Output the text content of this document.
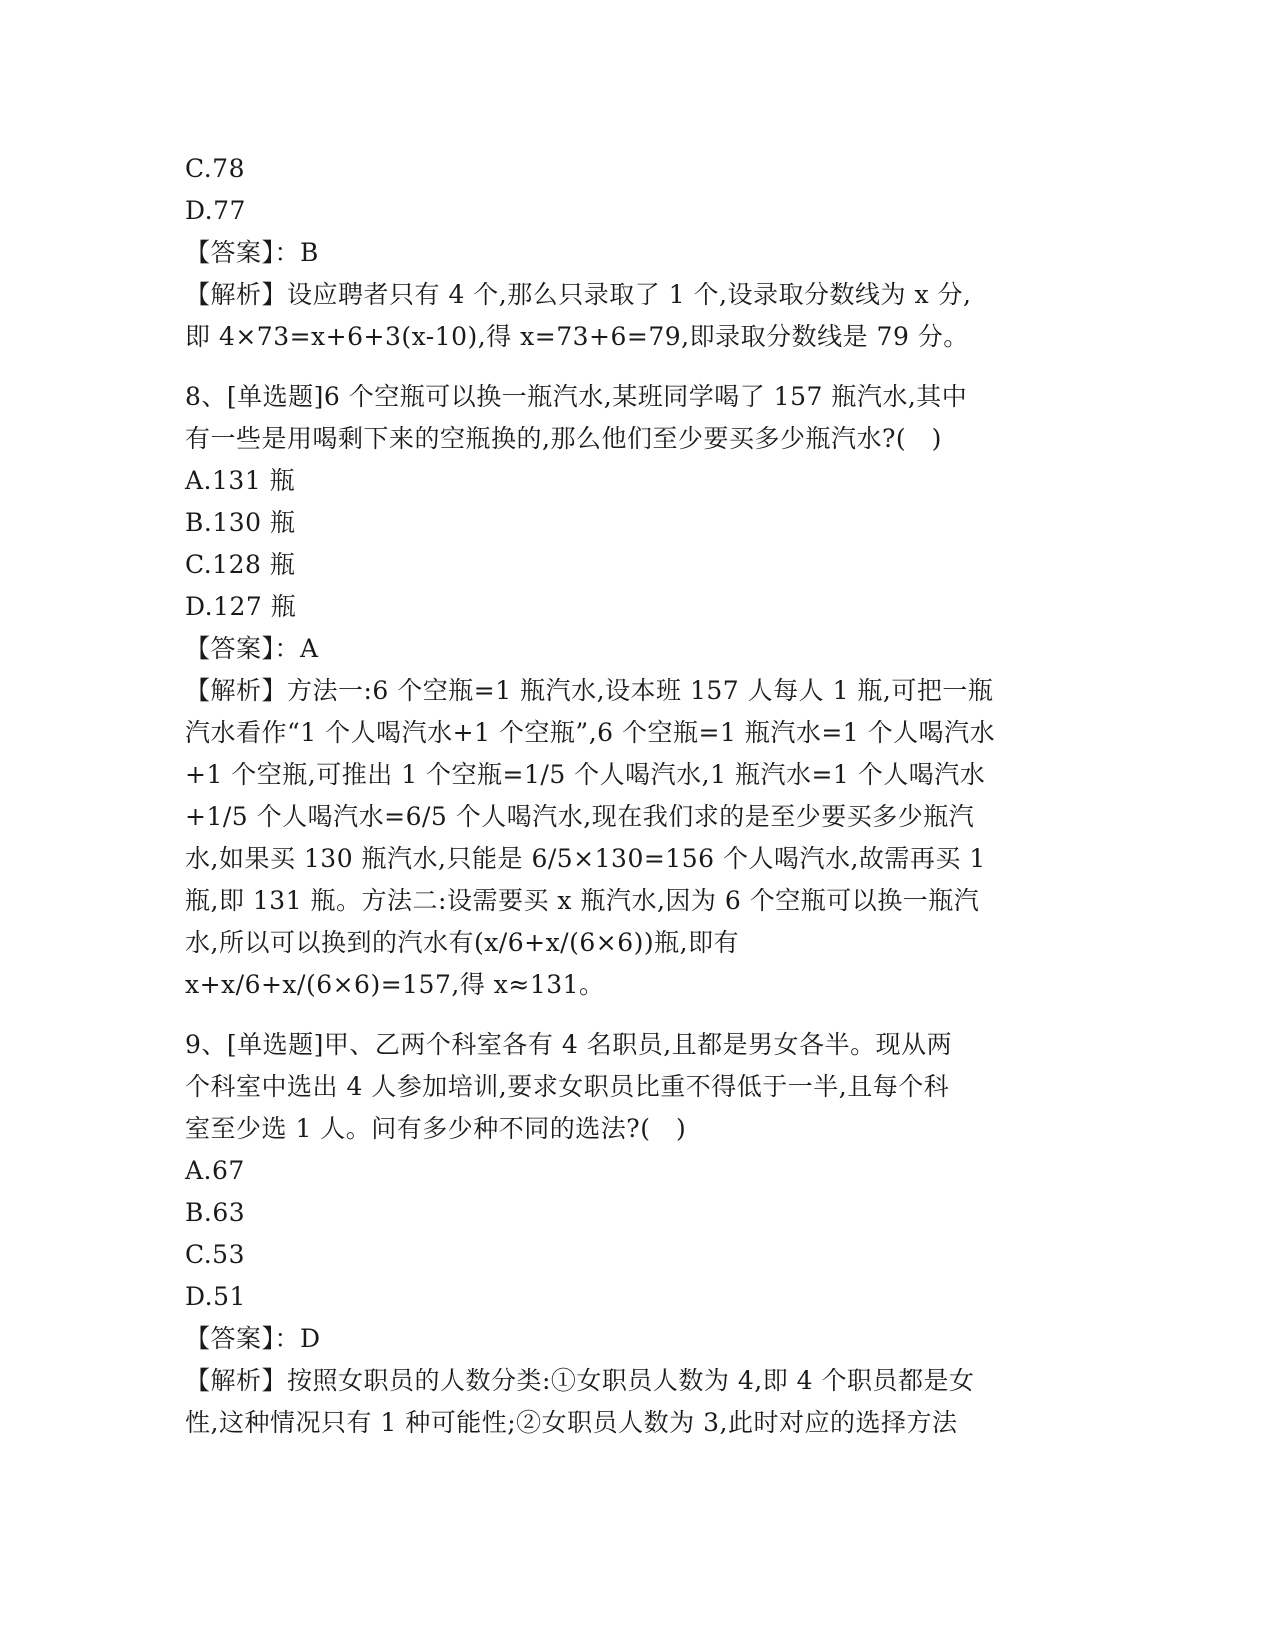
C.78
D.77
【答案】：B
【解析】设应聘者只有 4 个,那么只录取了 1 个,设录取分数线为 x 分,
即 4×73=x+6+3(x-10),得 x=73+6=79,即录取分数线是 79 分。
8、[单选题]6 个空瓶可以换一瓶汽水,某班同学喝了 157 瓶汽水,其中
有一些是用喝剩下来的空瓶换的,那么他们至少要买多少瓶汽水?(　)
A.131 瓶
B.130 瓶
C.128 瓶
D.127 瓶
【答案】：A
【解析】方法一:6 个空瓶=1 瓶汽水,设本班 157 人每人 1 瓶,可把一瓶
汽水看作“1 个人喝汽水+1 个空瓶”,6 个空瓶=1 瓶汽水=1 个人喝汽水
+1 个空瓶,可推出 1 个空瓶=1/5 个人喝汽水,1 瓶汽水=1 个人喝汽水
+1/5 个人喝汽水=6/5 个人喝汽水,现在我们求的是至少要买多少瓶汽
水,如果买 130 瓶汽水,只能是 6/5×130=156 个人喝汽水,故需再买 1
瓶,即 131 瓶。方法二:设需要买 x 瓶汽水,因为 6 个空瓶可以换一瓶汽
水,所以可以换到的汽水有(x/6+x/(6×6))瓶,即有
x+x/6+x/(6×6)=157,得 x≈131。
9、[单选题]甲、乙两个科室各有 4 名职员,且都是男女各半。现从两
个科室中选出 4 人参加培训,要求女职员比重不得低于一半,且每个科
室至少选 1 人。问有多少种不同的选法?(　)
A.67
B.63
C.53
D.51
【答案】：D
【解析】按照女职员的人数分类:①女职员人数为 4,即 4 个职员都是女
性,这种情况只有 1 种可能性;②女职员人数为 3,此时对应的选择方法
